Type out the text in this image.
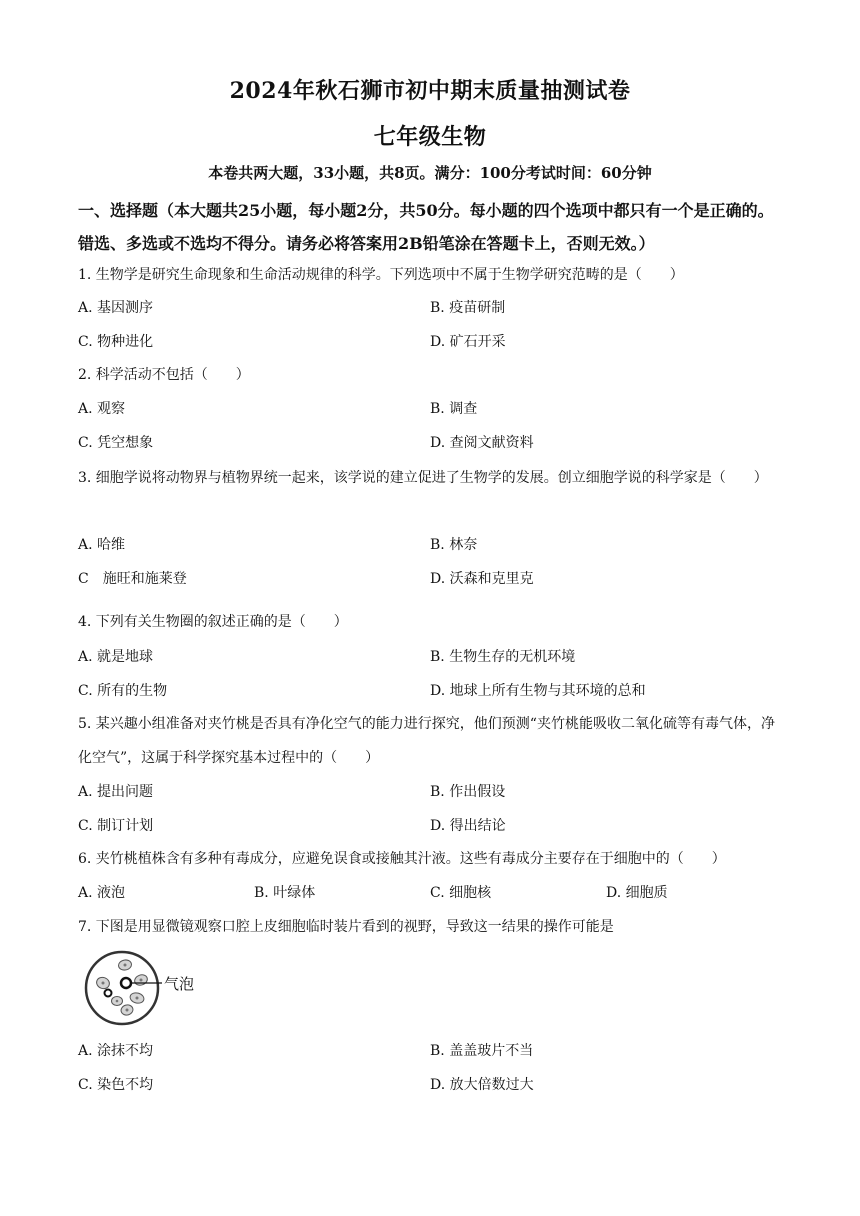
2024年秋石狮市初中期末质量抽测试卷
七年级生物
本卷共两大题，33小题，共8页。满分：100分考试时间：60分钟
一、选择题（本大题共25小题，每小题2分，共50分。每小题的四个选项中都只有一个是正确的。错选、多选或不选均不得分。请务必将答案用2B铅笔涂在答题卡上，否则无效。）
1. 生物学是研究生命现象和生命活动规律的科学。下列选项中不属于生物学研究范畴的是（　　）
A. 基因测序	B. 疫苗研制
C. 物种进化	D. 矿石开采
2. 科学活动不包括（　　）
A. 观察	B. 调查
C. 凭空想象	D. 查阅文献资料
3. 细胞学说将动物界与植物界统一起来，该学说的建立促进了生物学的发展。创立细胞学说的科学家是（　　）
A. 哈维	B. 林奈
C　施旺和施莱登	D. 沃森和克里克
4. 下列有关生物圈的叙述正确的是（　　）
A. 就是地球	B. 生物生存的无机环境
C. 所有的生物	D. 地球上所有生物与其环境的总和
5. 某兴趣小组准备对夹竹桃是否具有净化空气的能力进行探究，他们预测“夹竹桃能吸收二氧化硫等有毒气体，净化空气”，这属于科学探究基本过程中的（　　）
A. 提出问题	B. 作出假设
C. 制订计划	D. 得出结论
6. 夹竹桃植株含有多种有毒成分，应避免误食或接触其汁液。这些有毒成分主要存在于细胞中的（　　）
A. 液泡	B. 叶绿体	C. 细胞核	D. 细胞质
7. 下图是用显微镜观察口腔上皮细胞临时装片看到的视野，导致这一结果的操作可能是
气泡
A. 涂抹不均	B. 盖盖玻片不当
C. 染色不均	D. 放大倍数过大
